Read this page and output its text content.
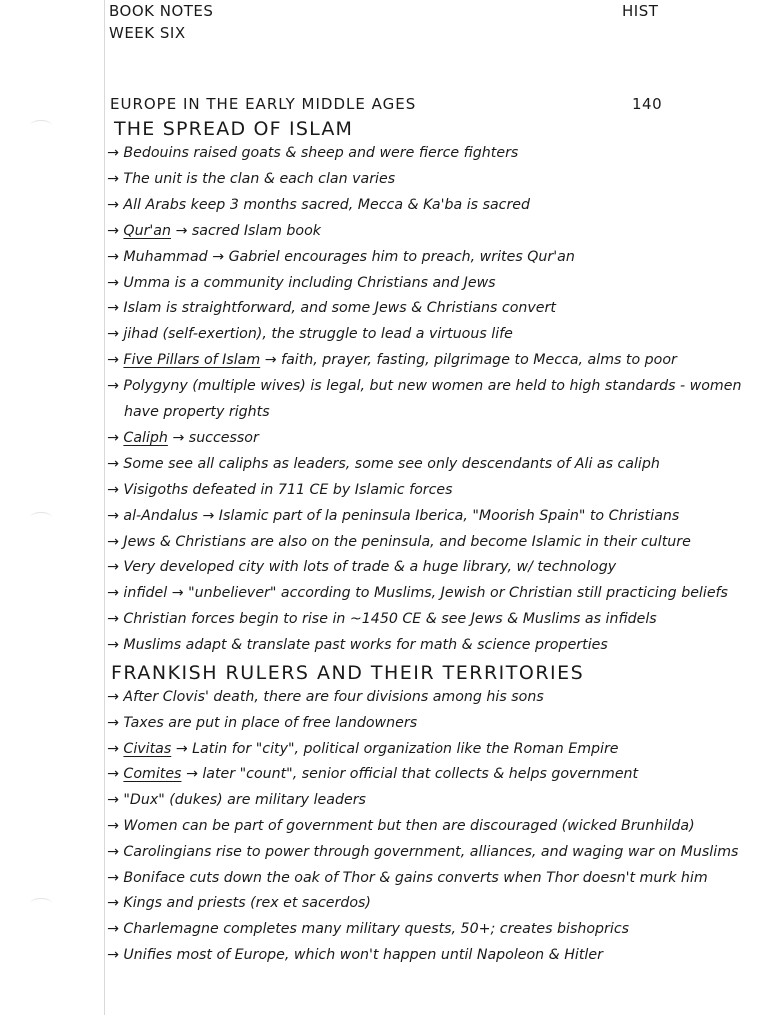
BOOK NOTES
WEEK SIX
HIST
EUROPE IN THE EARLY MIDDLE AGES	140
THE SPREAD OF ISLAM
→ Bedouins raised goats & sheep and were fierce fighters
→ The unit is the clan & each clan varies
→ All Arabs keep 3 months sacred, Mecca & Ka'ba is sacred
→ Qur'an → sacred Islam book
→ Muhammad → Gabriel encourages him to preach, writes Qur'an
→ Umma is a community including Christians and Jews
→ Islam is straightforward, and some Jews & Christians convert
→ jihad (self-exertion), the struggle to lead a virtuous life
→ Five Pillars of Islam → faith, prayer, fasting, pilgrimage to Mecca, alms to poor
→ Polygyny (multiple wives) is legal, but new women are held to high standards - women
have property rights
→ Caliph → successor
→ Some see all caliphs as leaders, some see only descendants of Ali as caliph
→ Visigoths defeated in 711 CE by Islamic forces
→ al-Andalus → Islamic part of la peninsula Iberica, "Moorish Spain" to Christians
→ Jews & Christians are also on the peninsula, and become Islamic in their culture
→ Very developed city with lots of trade & a huge library, w/ technology
→ infidel → "unbeliever" according to Muslims, Jewish or Christian still practicing beliefs
→ Christian forces begin to rise in ~1450 CE & see Jews & Muslims as infidels
→ Muslims adapt & translate past works for math & science properties
FRANKISH RULERS AND THEIR TERRITORIES
→ After Clovis' death, there are four divisions among his sons
→ Taxes are put in place of free landowners
→ Civitas → Latin for "city", political organization like the Roman Empire
→ Comites → later "count", senior official that collects & helps government
→ "Dux" (dukes) are military leaders
→ Women can be part of government but then are discouraged (wicked Brunhilda)
→ Carolingians rise to power through government, alliances, and waging war on Muslims
→ Boniface cuts down the oak of Thor & gains converts when Thor doesn't murk him
→ Kings and priests (rex et sacerdos)
→ Charlemagne completes many military quests, 50+; creates bishoprics
→ Unifies most of Europe, which won't happen until Napoleon & Hitler
